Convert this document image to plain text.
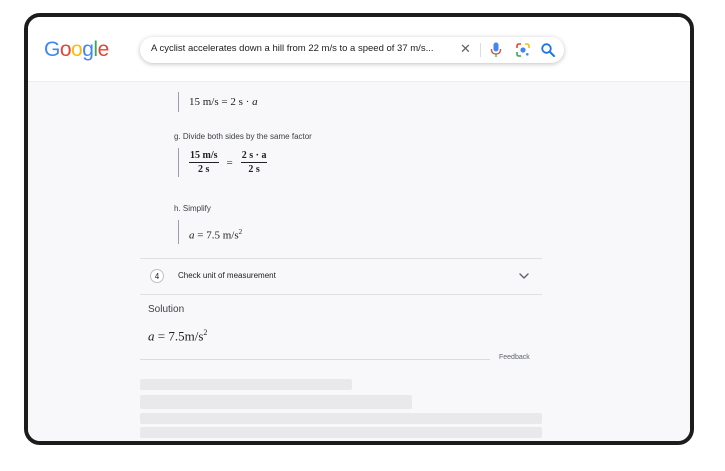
Google	A cyclist accelerates down a hill from 22 m/s to a speed of 37 m/s...	✕
15 m/s = 2 s · a
g. Divide both sides by the same factor
$\frac{15 m/s}{2 s} = \frac{2 s \cdot a}{2 s}$
h. Simplify
a = 7.5 $m/s^2$
4	Check unit of measurement
Solution
$a = 7.5m/s^2$
Feedback
